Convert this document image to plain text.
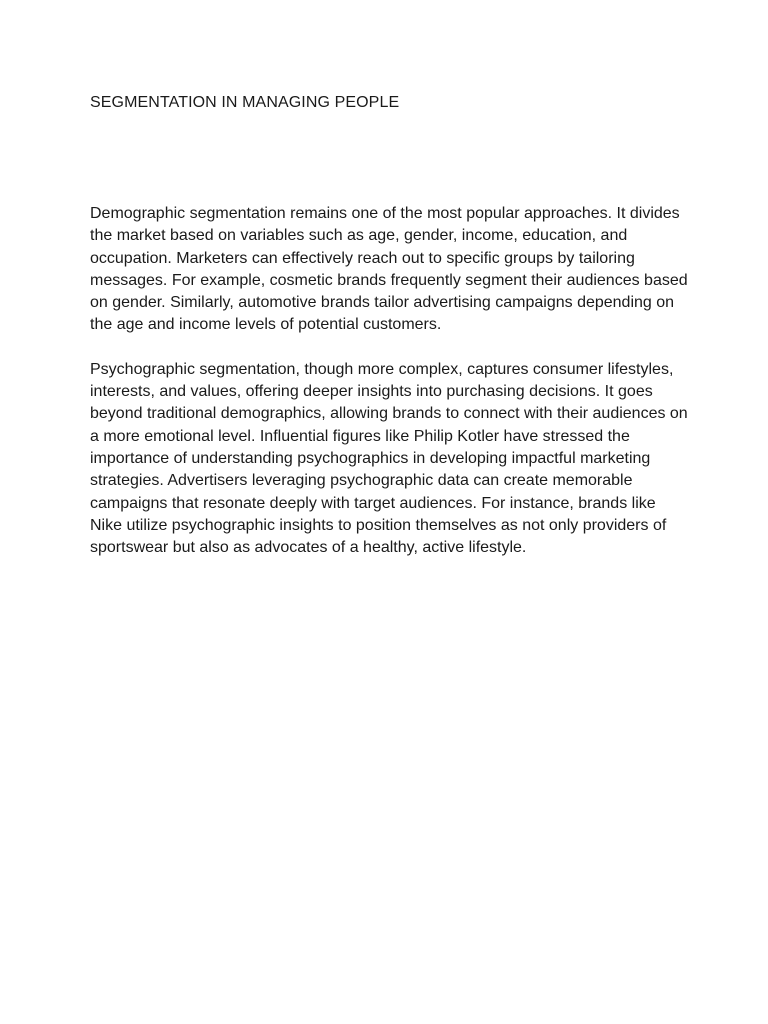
SEGMENTATION IN MANAGING PEOPLE

Demographic segmentation remains one of the most popular approaches. It divides the market based on variables such as age, gender, income, education, and occupation. Marketers can effectively reach out to specific groups by tailoring messages. For example, cosmetic brands frequently segment their audiences based on gender. Similarly, automotive brands tailor advertising campaigns depending on the age and income levels of potential customers.

Psychographic segmentation, though more complex, captures consumer lifestyles, interests, and values, offering deeper insights into purchasing decisions. It goes beyond traditional demographics, allowing brands to connect with their audiences on a more emotional level. Influential figures like Philip Kotler have stressed the importance of understanding psychographics in developing impactful marketing strategies. Advertisers leveraging psychographic data can create memorable campaigns that resonate deeply with target audiences. For instance, brands like Nike utilize psychographic insights to position themselves as not only providers of sportswear but also as advocates of a healthy, active lifestyle.
